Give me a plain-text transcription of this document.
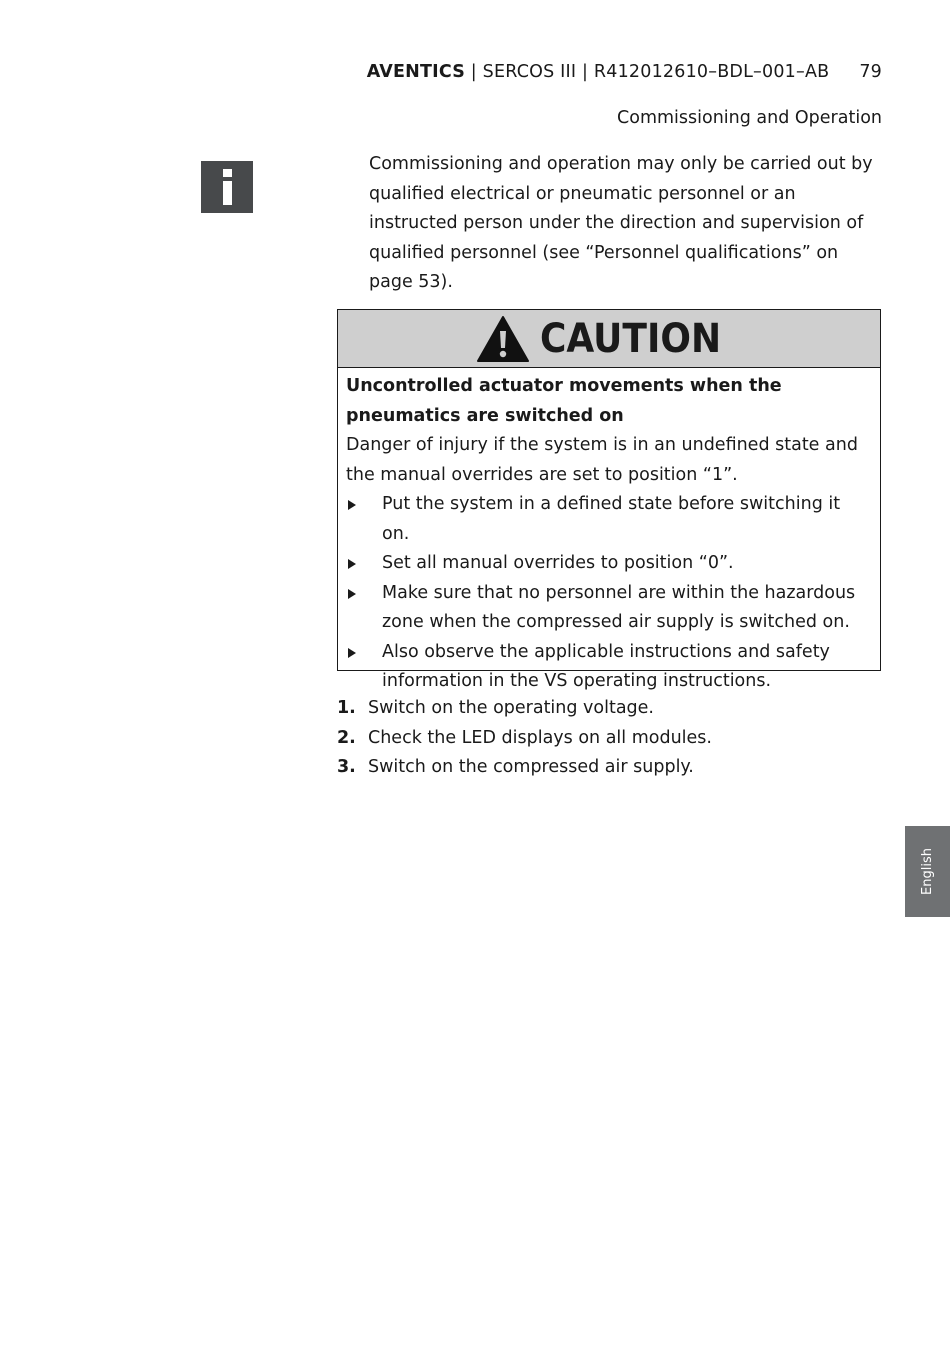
AVENTICS | SERCOS III | R412012610–BDL–001–AB 79
Commissioning and Operation
Commissioning and operation may only be carried out by qualified electrical or pneumatic personnel or an instructed person under the direction and supervision of qualified personnel (see “Personnel qualifications” on page 53).
CAUTION
Uncontrolled actuator movements when the pneumatics are switched on
Danger of injury if the system is in an undefined state and the manual overrides are set to position “1”.
Put the system in a defined state before switching it on.
Set all manual overrides to position “0”.
Make sure that no personnel are within the hazardous zone when the compressed air supply is switched on.
Also observe the applicable instructions and safety information in the VS operating instructions.
1. Switch on the operating voltage.
2. Check the LED displays on all modules.
3. Switch on the compressed air supply.
English
